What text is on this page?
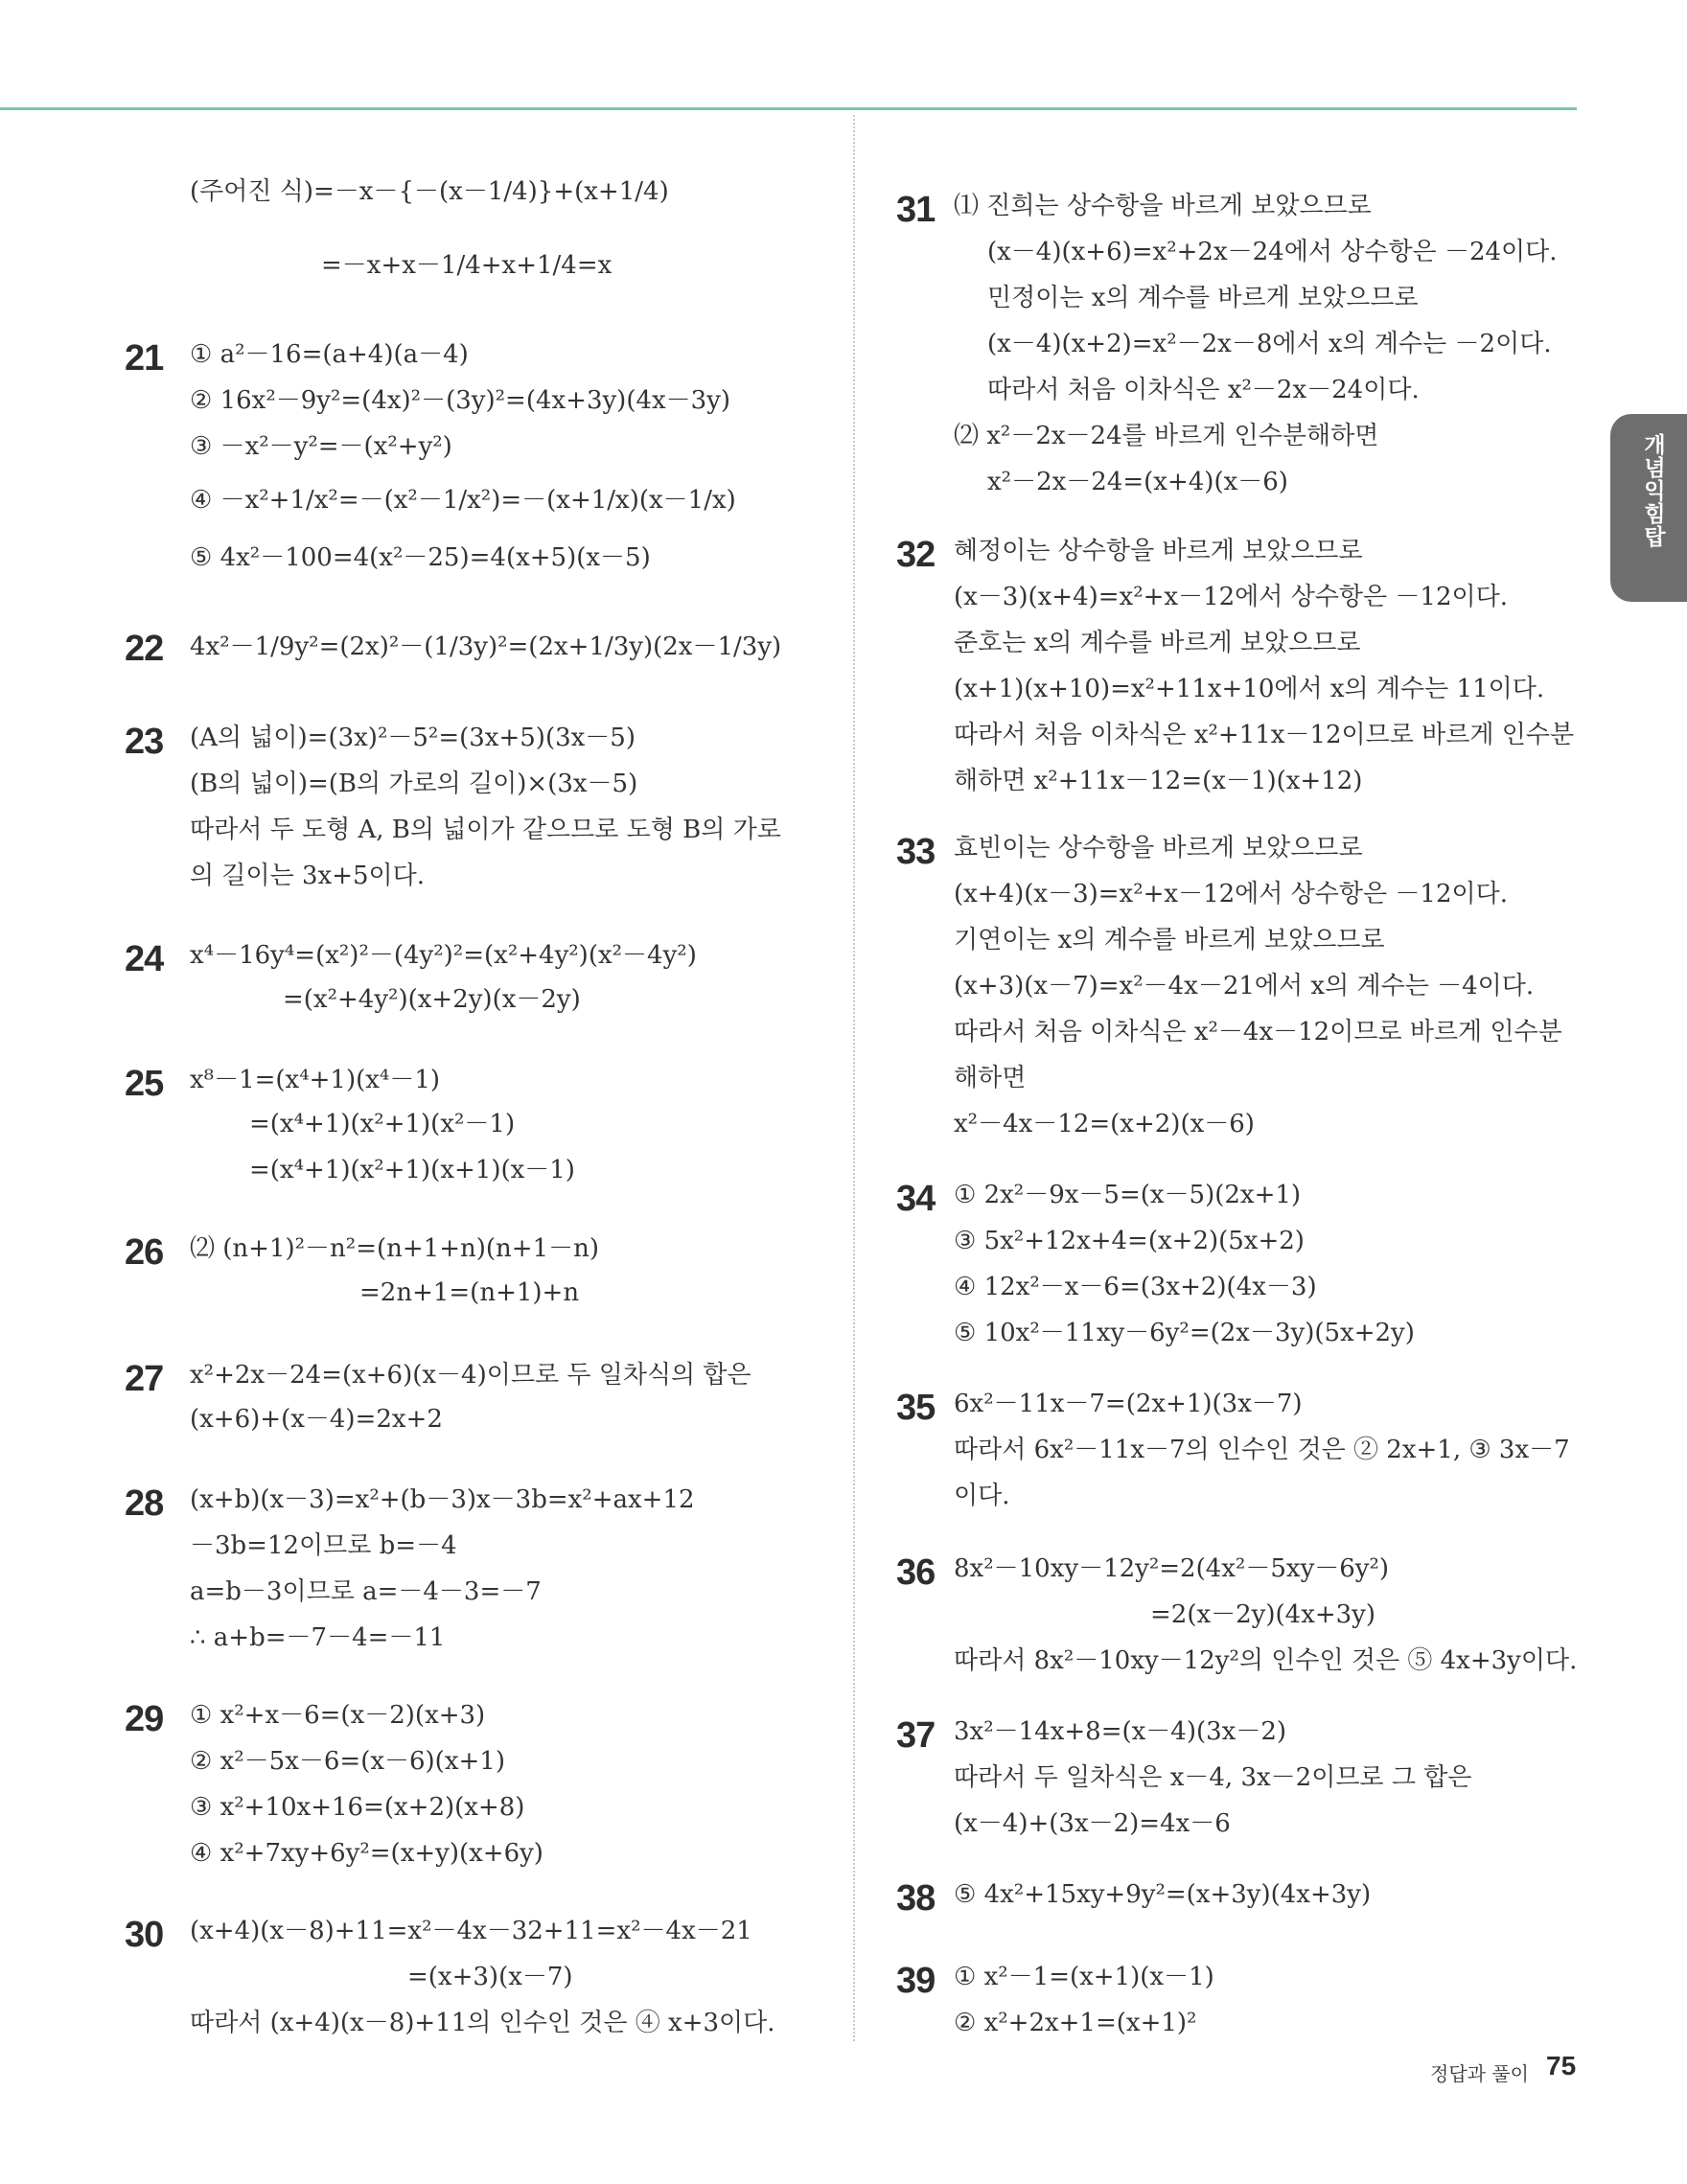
(주어진 식)=－x－{－(x－1/4)}+(x+1/4)
=－x+x－1/4+x+1/4=x
21 ① a²－16=(a+4)(a－4)
② 16x²－9y²=(4x)²－(3y)²=(4x+3y)(4x－3y)
③ －x²－y²=－(x²+y²)
④ －x²+1/x²=－(x²－1/x²)=－(x+1/x)(x－1/x)
⑤ 4x²－100=4(x²－25)=4(x+5)(x－5)
22 4x²－1/9y²=(2x)²－(1/3y)²=(2x+1/3y)(2x－1/3y)
23 (A의 넓이)=(3x)²－5²=(3x+5)(3x－5)
(B의 넓이)=(B의 가로의 길이)×(3x－5)
따라서 두 도형 A, B의 넓이가 같으므로 도형 B의 가로
의 길이는 3x+5이다.
24 x⁴－16y⁴=(x²)²－(4y²)²=(x²+4y²)(x²－4y²)
=(x²+4y²)(x+2y)(x－2y)
25 x⁸－1=(x⁴+1)(x⁴－1)
=(x⁴+1)(x²+1)(x²－1)
=(x⁴+1)(x²+1)(x+1)(x－1)
26 ⑵ (n+1)²－n²=(n+1+n)(n+1－n)
=2n+1=(n+1)+n
27 x²+2x－24=(x+6)(x－4)이므로 두 일차식의 합은
(x+6)+(x－4)=2x+2
28 (x+b)(x－3)=x²+(b－3)x－3b=x²+ax+12
－3b=12이므로 b=－4
a=b－3이므로 a=－4－3=－7
∴ a+b=－7－4=－11
29 ① x²+x－6=(x－2)(x+3)
② x²－5x－6=(x－6)(x+1)
③ x²+10x+16=(x+2)(x+8)
④ x²+7xy+6y²=(x+y)(x+6y)
30 (x+4)(x－8)+11=x²－4x－32+11=x²－4x－21
=(x+3)(x－7)
따라서 (x+4)(x－8)+11의 인수인 것은 ④ x+3이다.
31 ⑴ 진희는 상수항을 바르게 보았으므로
(x－4)(x+6)=x²+2x－24에서 상수항은 －24이다.
민정이는 x의 계수를 바르게 보았으므로
(x－4)(x+2)=x²－2x－8에서 x의 계수는 －2이다.
따라서 처음 이차식은 x²－2x－24이다.
⑵ x²－2x－24를 바르게 인수분해하면
x²－2x－24=(x+4)(x－6)
32 혜정이는 상수항을 바르게 보았으므로
(x－3)(x+4)=x²+x－12에서 상수항은 －12이다.
준호는 x의 계수를 바르게 보았으므로
(x+1)(x+10)=x²+11x+10에서 x의 계수는 11이다.
따라서 처음 이차식은 x²+11x－12이므로 바르게 인수분
해하면 x²+11x－12=(x－1)(x+12)
33 효빈이는 상수항을 바르게 보았으므로
(x+4)(x－3)=x²+x－12에서 상수항은 －12이다.
기연이는 x의 계수를 바르게 보았으므로
(x+3)(x－7)=x²－4x－21에서 x의 계수는 －4이다.
따라서 처음 이차식은 x²－4x－12이므로 바르게 인수분
해하면
x²－4x－12=(x+2)(x－6)
34 ① 2x²－9x－5=(x－5)(2x+1)
③ 5x²+12x+4=(x+2)(5x+2)
④ 12x²－x－6=(3x+2)(4x－3)
⑤ 10x²－11xy－6y²=(2x－3y)(5x+2y)
35 6x²－11x－7=(2x+1)(3x－7)
따라서 6x²－11x－7의 인수인 것은 ② 2x+1, ③ 3x－7
이다.
36 8x²－10xy－12y²=2(4x²－5xy－6y²)
=2(x－2y)(4x+3y)
따라서 8x²－10xy－12y²의 인수인 것은 ⑤ 4x+3y이다.
37 3x²－14x+8=(x－4)(3x－2)
따라서 두 일차식은 x－4, 3x－2이므로 그 합은
(x－4)+(3x－2)=4x－6
38 ⑤ 4x²+15xy+9y²=(x+3y)(4x+3y)
39 ① x²－1=(x+1)(x－1)
② x²+2x+1=(x+1)²
개념익힘탑
정답과 풀이 75
